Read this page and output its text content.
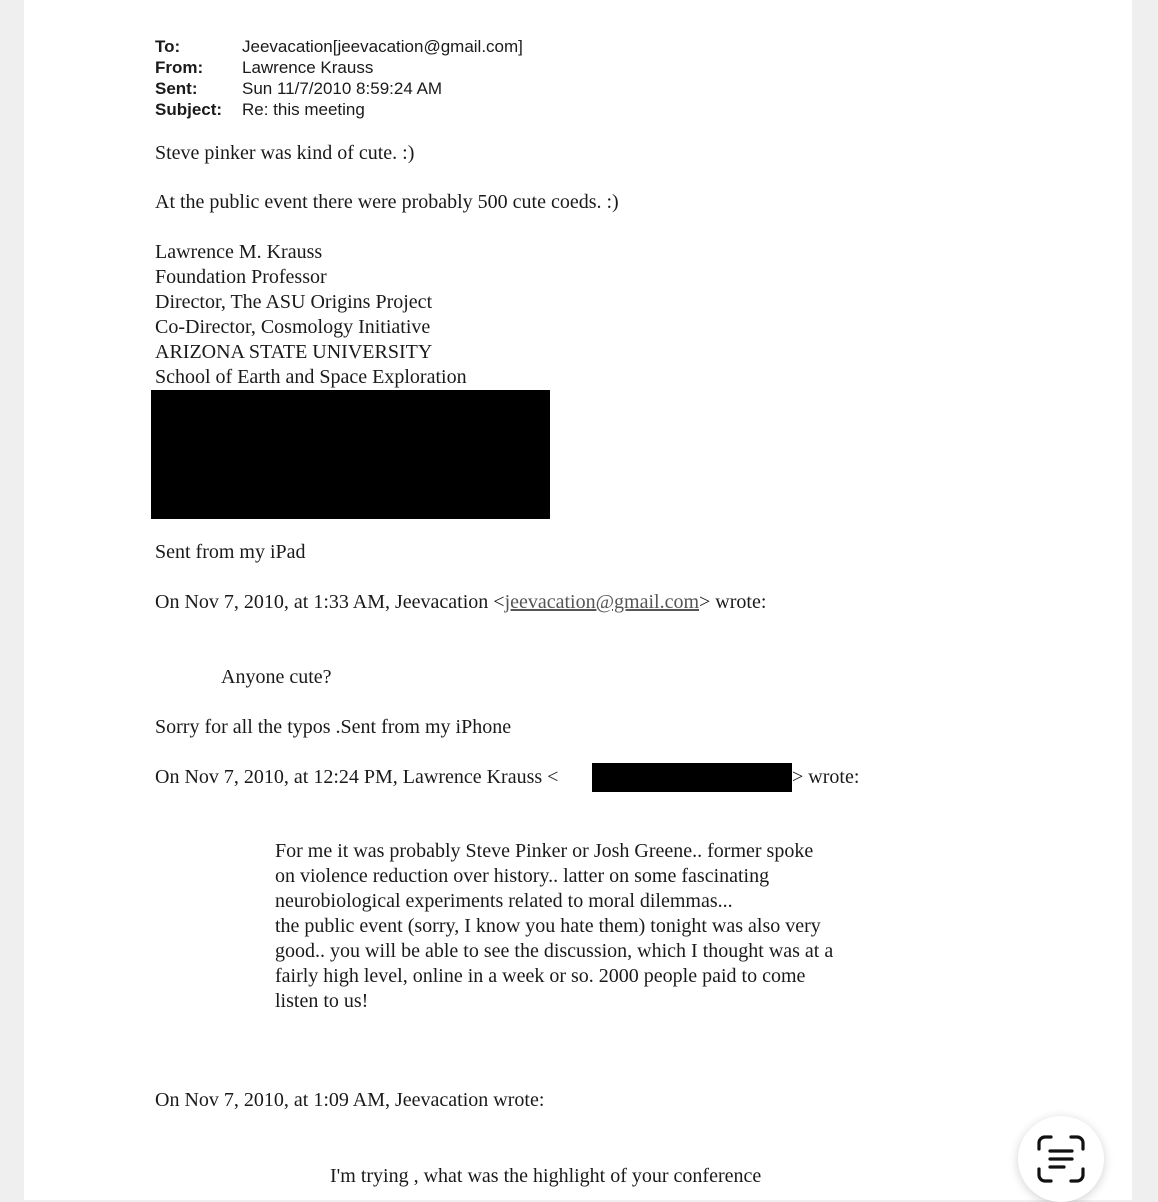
To:	Jeevacation[jeevacation@gmail.com]
From: Lawrence Krauss
Sent:	Sun 11/7/2010 8:59:24 AM
Subject: Re: this meeting
Steve pinker was kind of cute. :)
At the public event there were probably 500 cute coeds. :)
Lawrence M. Krauss
Foundation Professor
Director, The ASU Origins Project
Co-Director, Cosmology Initiative
ARIZONA STATE UNIVERSITY
School of Earth and Space Exploration
Sent from my iPad
On Nov 7, 2010, at 1:33 AM, Jeevacation <jeevacation@gmail.com> wrote:
Anyone cute?
Sorry for all the typos .Sent from my iPhone
On Nov 7, 2010, at 12:24 PM, Lawrence Krauss <	> wrote:
For me it was probably Steve Pinker or Josh Greene.. former spoke
on violence reduction over history.. latter on some fascinating
neurobiological experiments related to moral dilemmas...
the public event (sorry, I know you hate them) tonight was also very
good.. you will be able to see the discussion, which I thought was at a
fairly high level, online in a week or so. 2000 people paid to come
listen to us!
On Nov 7, 2010, at 1:09 AM, Jeevacation wrote:
I'm trying , what was the highlight of your conference
